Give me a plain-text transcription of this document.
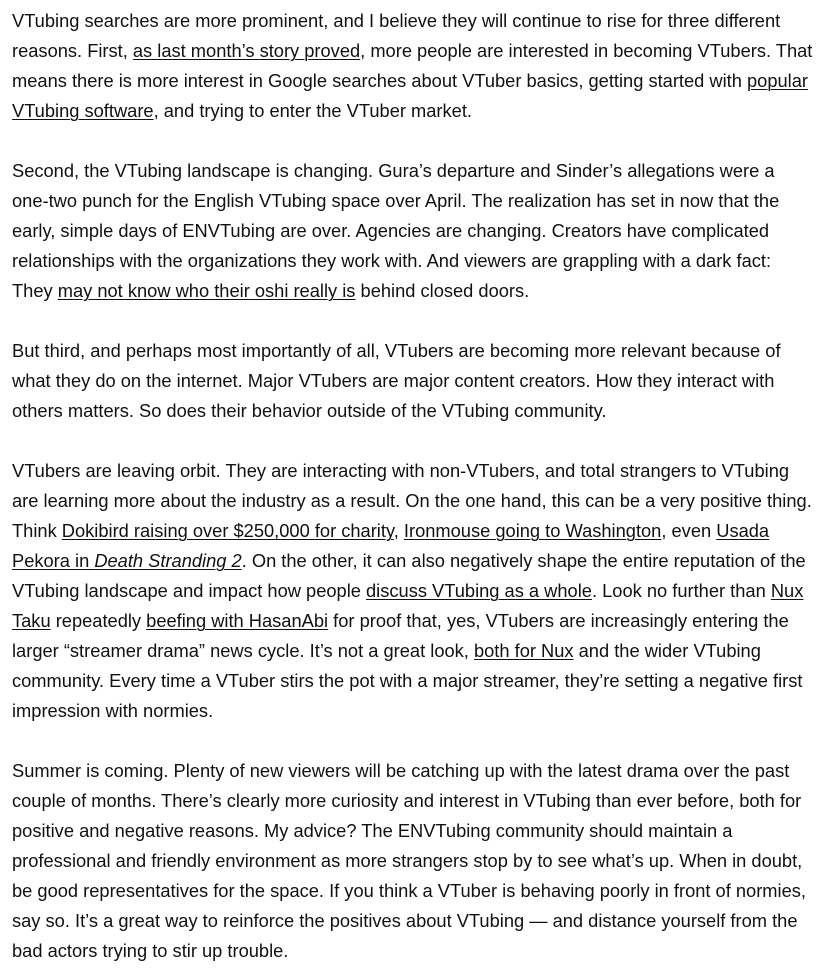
VTubing searches are more prominent, and I believe they will continue to rise for three different reasons. First, as last month’s story proved, more people are interested in becoming VTubers. That means there is more interest in Google searches about VTuber basics, getting started with popular VTubing software, and trying to enter the VTuber market.

Second, the VTubing landscape is changing. Gura’s departure and Sinder’s allegations were a one-two punch for the English VTubing space over April. The realization has set in now that the early, simple days of ENVTubing are over. Agencies are changing. Creators have complicated relationships with the organizations they work with. And viewers are grappling with a dark fact: They may not know who their oshi really is behind closed doors.

But third, and perhaps most importantly of all, VTubers are becoming more relevant because of what they do on the internet. Major VTubers are major content creators. How they interact with others matters. So does their behavior outside of the VTubing community.

VTubers are leaving orbit. They are interacting with non-VTubers, and total strangers to VTubing are learning more about the industry as a result. On the one hand, this can be a very positive thing. Think Dokibird raising over $250,000 for charity, Ironmouse going to Washington, even Usada Pekora in Death Stranding 2. On the other, it can also negatively shape the entire reputation of the VTubing landscape and impact how people discuss VTubing as a whole. Look no further than Nux Taku repeatedly beefing with HasanAbi for proof that, yes, VTubers are increasingly entering the larger “streamer drama” news cycle. It’s not a great look, both for Nux and the wider VTubing community. Every time a VTuber stirs the pot with a major streamer, they’re setting a negative first impression with normies.

Summer is coming. Plenty of new viewers will be catching up with the latest drama over the past couple of months. There’s clearly more curiosity and interest in VTubing than ever before, both for positive and negative reasons. My advice? The ENVTubing community should maintain a professional and friendly environment as more strangers stop by to see what’s up. When in doubt, be good representatives for the space. If you think a VTuber is behaving poorly in front of normies, say so. It’s a great way to reinforce the positives about VTubing — and distance yourself from the bad actors trying to stir up trouble.
